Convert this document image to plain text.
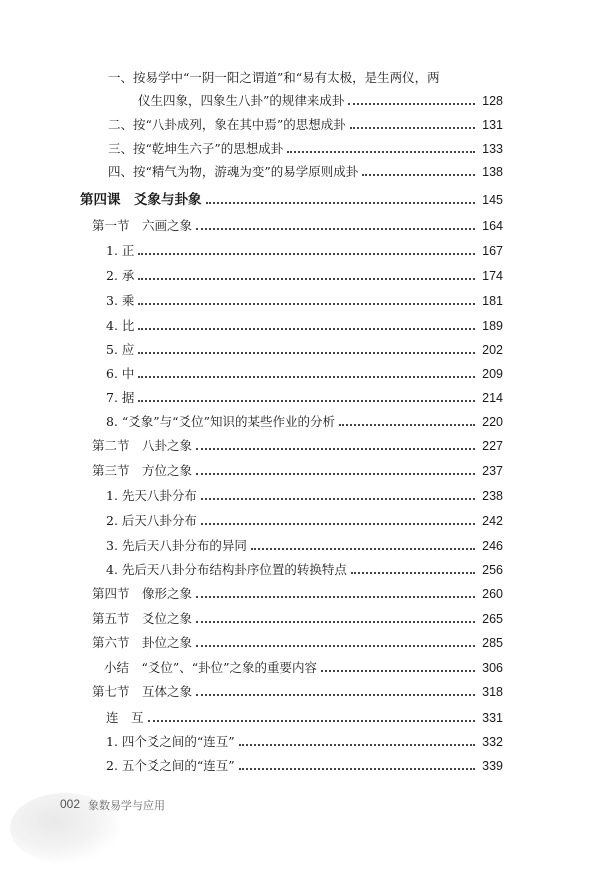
一、按易学中“一阴一阳之谓道”和“易有太极，是生两仪，两
仪生四象，四象生八卦”的规律来成卦	128
二、按“八卦成列，象在其中焉”的思想成卦	131
三、按“乾坤生六子”的思想成卦	133
四、按“精气为物，游魂为变”的易学原则成卦	138
第四课　爻象与卦象	145
第一节　六画之象	164
1. 正	167
2. 承	174
3. 乘	181
4. 比	189
5. 应	202
6. 中	209
7. 据	214
8. “爻象”与“爻位”知识的某些作业的分析	220
第二节　八卦之象	227
第三节　方位之象	237
1. 先天八卦分布	238
2. 后天八卦分布	242
3. 先后天八卦分布的异同	246
4. 先后天八卦分布结构卦序位置的转换特点	256
第四节　像形之象	260
第五节　爻位之象	265
第六节　卦位之象	285
小结　“爻位”、“卦位”之象的重要内容	306
第七节　互体之象	318
连　互	331
1. 四个爻之间的“连互”	332
2. 五个爻之间的“连互”	339
002 象数易学与应用
